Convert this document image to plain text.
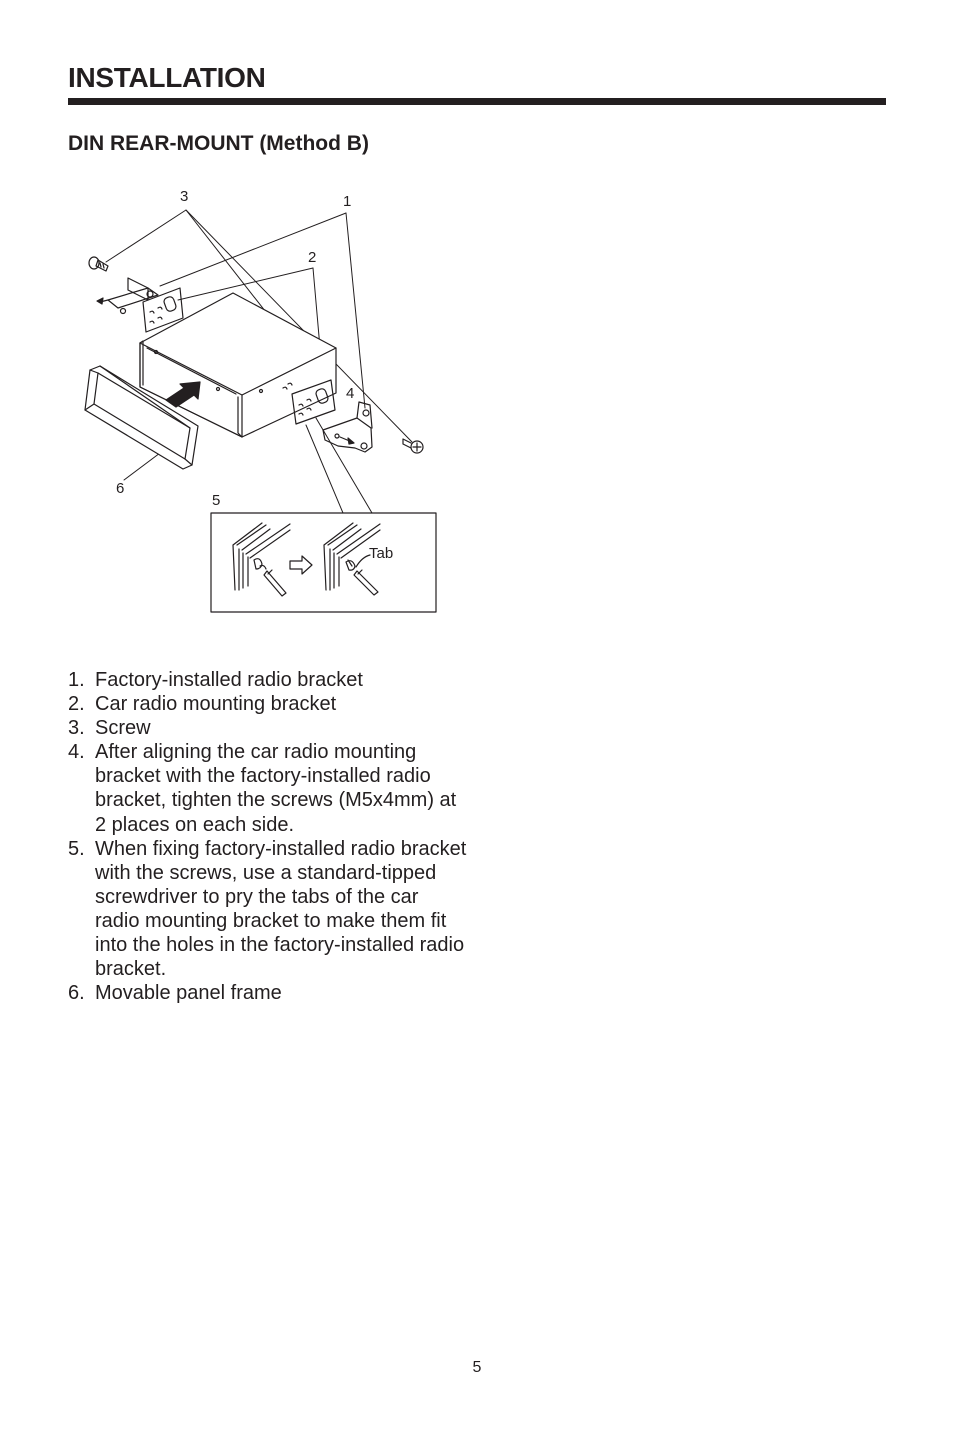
INSTALLATION
DIN REAR-MOUNT (Method B)
3	1
2
4
6
5
Tab
1. Factory-installed radio bracket
2. Car radio mounting bracket
3. Screw
4. After aligning the car radio mounting bracket with the factory-installed radio bracket, tighten the screws (M5x4mm) at 2 places on each side.
5. When fixing factory-installed radio bracket with the screws, use a standard-tipped screwdriver to pry the tabs of the car radio mounting bracket to make them fit into the holes in the factory-installed radio bracket.
6. Movable panel frame
5
